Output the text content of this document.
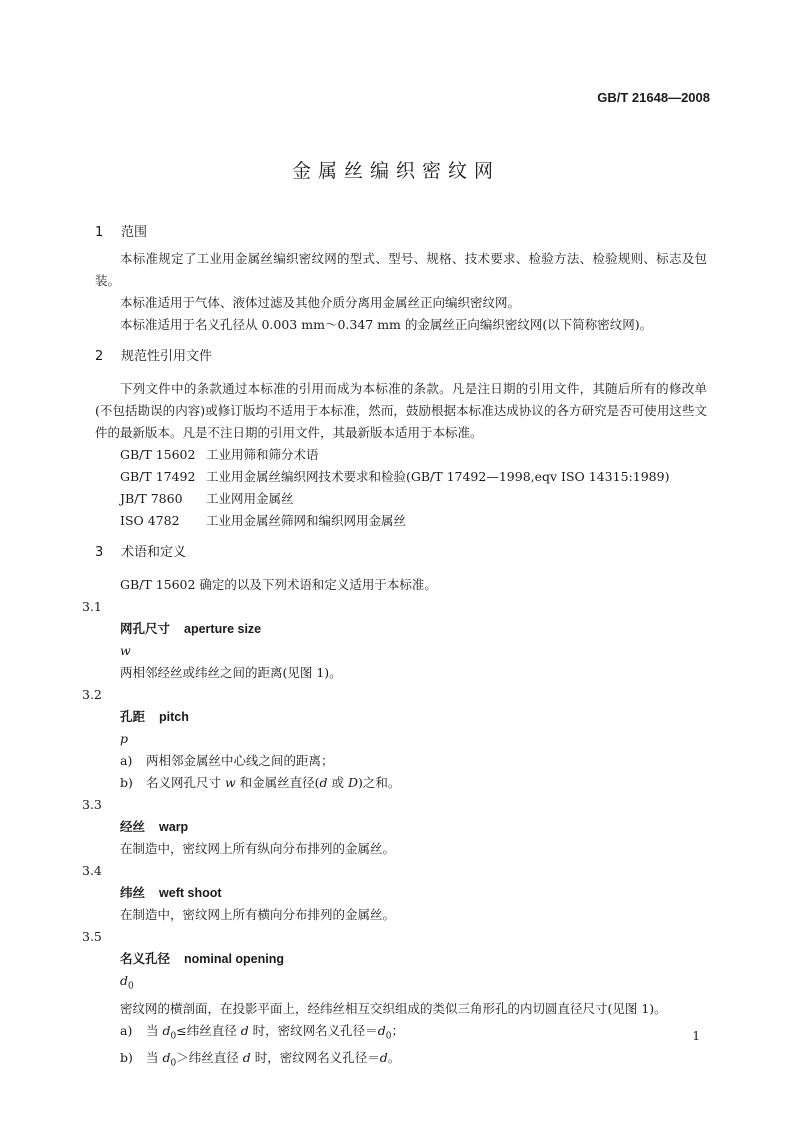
GB/T 21648—2008
金属丝编织密纹网

1 范围

本标准规定了工业用金属丝编织密纹网的型式、型号、规格、技术要求、检验方法、检验规则、标志及包装。

本标准适用于气体、液体过滤及其他介质分离用金属丝正向编织密纹网。

本标准适用于名义孔径从 0.003 mm～0.347 mm 的金属丝正向编织密纹网(以下简称密纹网)。

2 规范性引用文件

下列文件中的条款通过本标准的引用而成为本标准的条款。凡是注日期的引用文件，其随后所有的修改单(不包括勘误的内容)或修订版均不适用于本标准，然而，鼓励根据本标准达成协议的各方研究是否可使用这些文件的最新版本。凡是不注日期的引用文件，其最新版本适用于本标准。

GB/T 15602 工业用筛和筛分术语

GB/T 17492 工业用金属丝编织网技术要求和检验(GB/T 17492—1998,eqv ISO 14315:1989)

JB/T 7860 工业网用金属丝

ISO 4782 工业用金属丝筛网和编织网用金属丝

3 术语和定义

GB/T 15602 确定的以及下列术语和定义适用于本标准。

3.1

网孔尺寸 aperture size

w

两相邻经丝或纬丝之间的距离(见图 1)。

3.2

孔距 pitch

p

a) 两相邻金属丝中心线之间的距离；

b) 名义网孔尺寸 w 和金属丝直径(d 或 D)之和。

3.3

经丝 warp

在制造中，密纹网上所有纵向分布排列的金属丝。

3.4

纬丝 weft shoot

在制造中，密纹网上所有横向分布排列的金属丝。

3.5

名义孔径 nominal opening

$d_0$

密纹网的横剖面，在投影平面上，经纬丝相互交织组成的类似三角形孔的内切圆直径尺寸(见图 1)。

a) 当 $d_0\le$纬丝直径 d 时，密纹网名义孔径$=d_0$；

b) 当 $d_0>$纬丝直径 d 时，密纹网名义孔径＝d。

1
